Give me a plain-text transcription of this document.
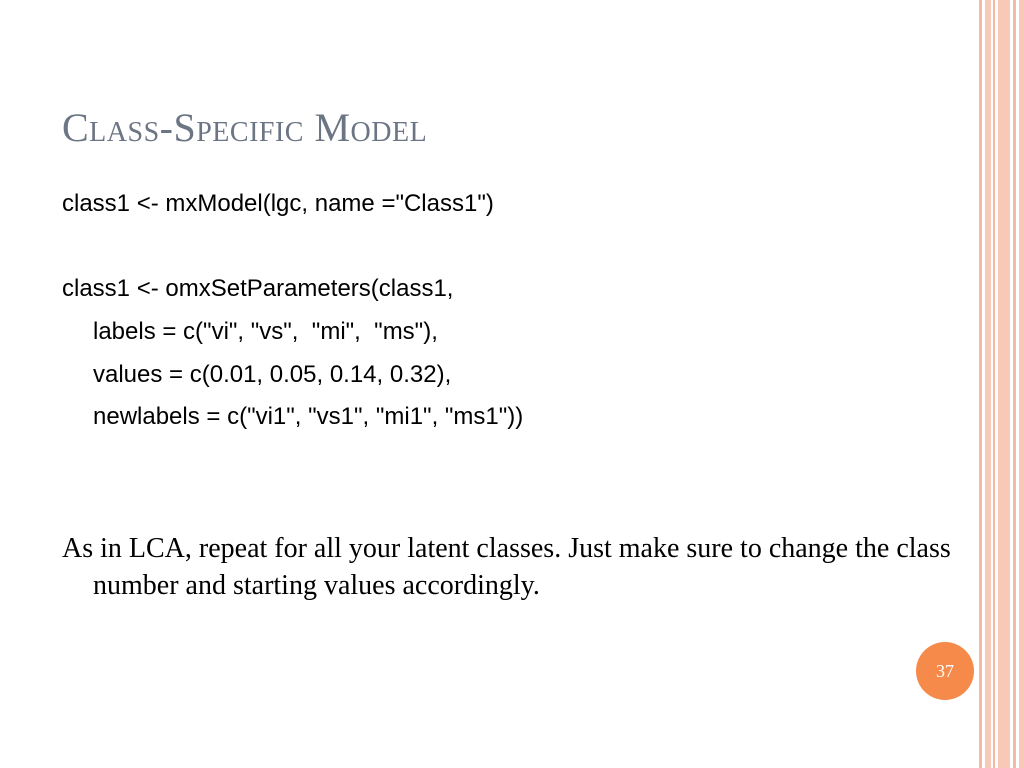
Class-Specific Model
class1 <- mxModel(lgc, name ="Class1")
class1 <- omxSetParameters(class1,
labels = c("vi", "vs",  "mi",  "ms"),
values = c(0.01, 0.05, 0.14, 0.32),
newlabels = c("vi1", "vs1", "mi1", "ms1"))

As in LCA, repeat for all your latent classes. Just make sure to change the class number and starting values accordingly.

37
